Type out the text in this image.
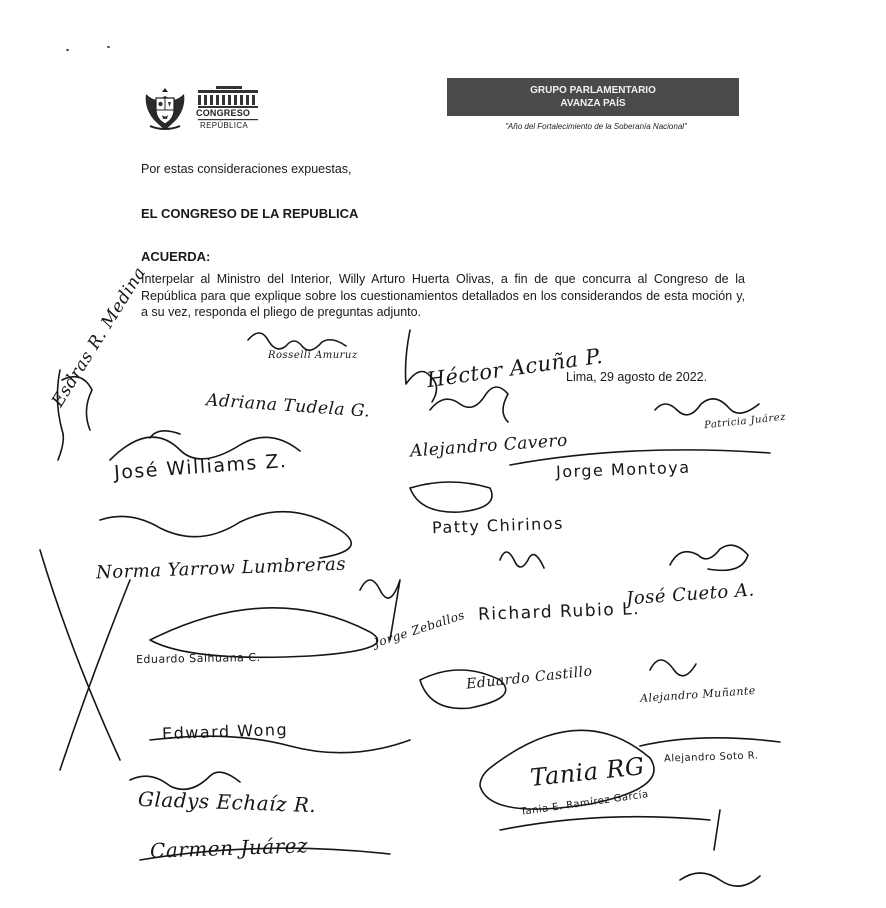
CONGRESO
REPÚBLICA
GRUPO PARLAMENTARIO
AVANZA PAÍS
"Año del Fortalecimiento de la Soberanía Nacional"
Por estas consideraciones expuestas,
EL CONGRESO DE LA REPUBLICA
ACUERDA:
Interpelar al Ministro del Interior, Willy Arturo Huerta Olivas, a fin de que concurra al Congreso de la República para que explique sobre los cuestionamientos detallados en los considerandos de esta moción y, a su vez, responda el pliego de preguntas adjunto.
Lima, 29 agosto de 2022.
Esdras R. Medina	Rosselli Amuruz
Adriana Tudela G.
José Williams Z.
Héctor Acuña P.
Alejandro Cavero
Patricia Juárez
Jorge Montoya
Patty Chirinos
Norma Yarrow Lumbreras
José Cueto A.
Richard Rubio L.
Eduardo Salhuana C.
Jorge Zeballos
Alejandro Muñante
Eduardo Castillo
Edward Wong
Alejandro Soto R.
Gladys Echaíz R.
Carmen Juárez
Tania E. Ramírez García
Tania RG
